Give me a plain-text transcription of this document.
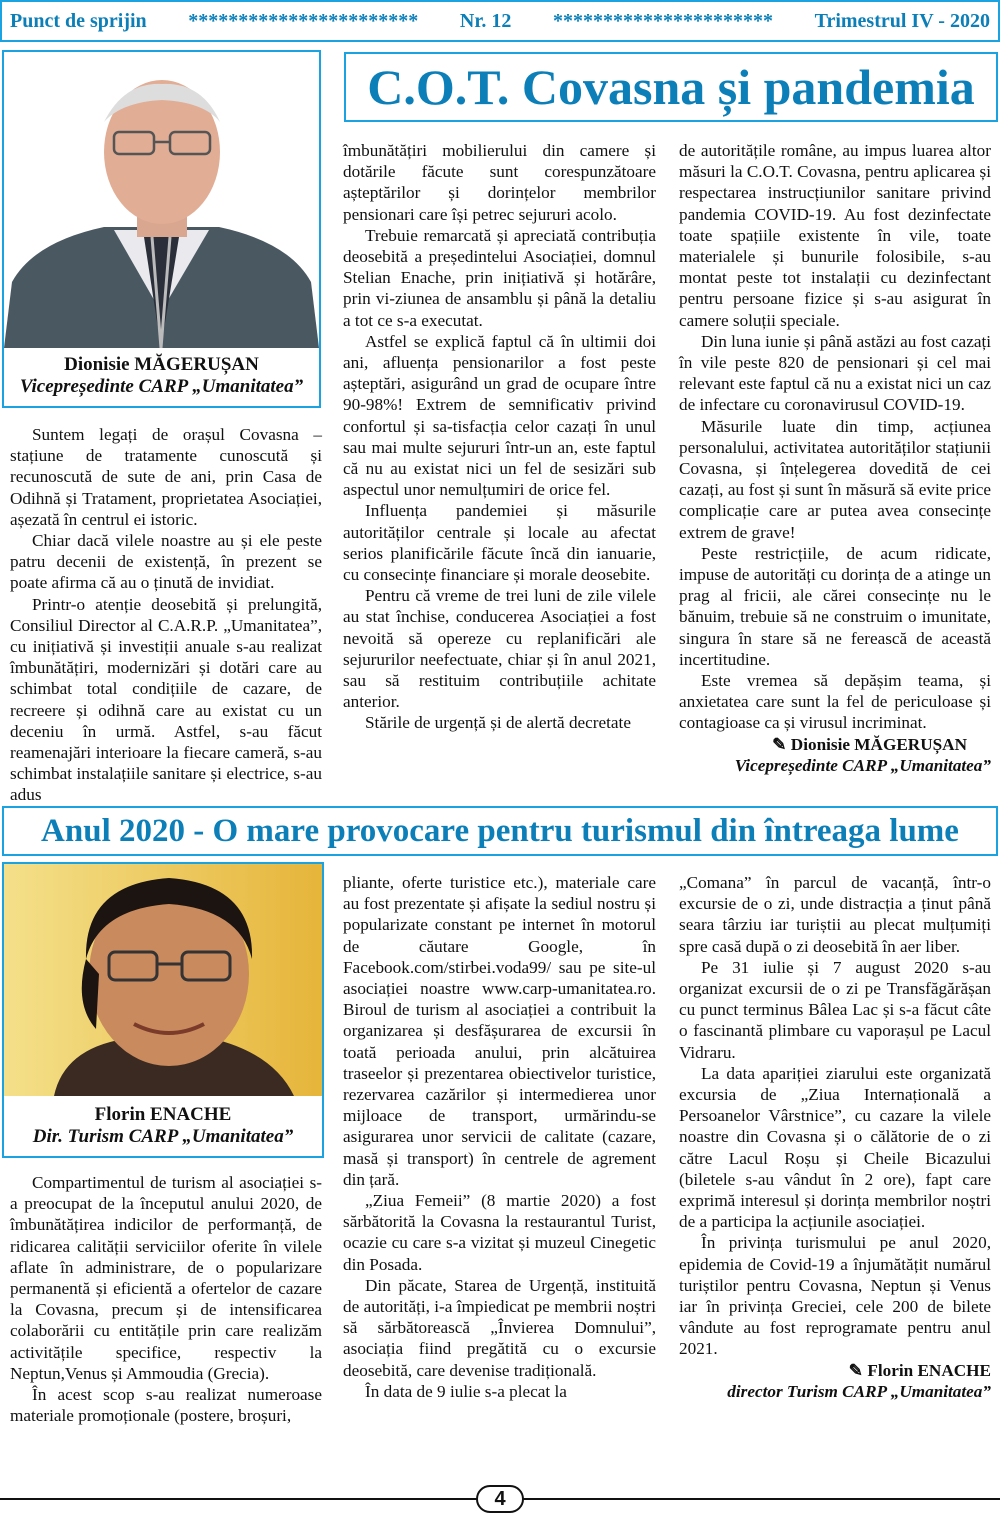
Punct de sprijin *********************** Nr. 12 ********************** Trimestrul IV - 2020
Dionisie MĂGERUȘAN
Vicepreședinte CARP „Umanitatea”
C.O.T. Covasna și pandemia

Suntem legați de orașul Covasna – stațiune de tratamente cunoscută și recunoscută de sute de ani, prin Casa de Odihnă și Tratament, proprietatea Asociației, așezată în centrul ei istoric.

Chiar dacă vilele noastre au și ele peste patru decenii de existență, în prezent se poate afirma că au o ținută de invidiat.

Printr-o atenție deosebită și prelungită, Consiliul Director al C.A.R.P. „Umanitatea”, cu inițiativă și investiții anuale s-au realizat îmbunătățiri, modernizări și dotări care au schimbat total condițiile de cazare, de recreere și odihnă care au existat cu un deceniu în urmă. Astfel, s-au făcut reamenajări interioare la fiecare cameră, s-au schimbat instalațiile sanitare și electrice, s-au adus

îmbunătățiri mobilierului din camere și dotările făcute sunt corespunzătoare așteptărilor și dorințelor membrilor pensionari care își petrec sejururi acolo.

Trebuie remarcată și apreciată contribuția deosebită a președintelui Asociației, domnul Stelian Enache, prin inițiativă și hotărâre, prin vi-ziunea de ansamblu și până la detaliu a tot ce s-a executat.

Astfel se explică faptul că în ultimii doi ani, afluența pensionarilor a fost peste așteptări, asigurând un grad de ocupare între 90-98%! Extrem de semnificativ privind confortul și sa-tisfacția celor cazați în unul sau mai multe sejururi într-un an, este faptul că nu au existat nici un fel de sesizări sub aspectul unor nemulțumiri de orice fel.

Influența pandemiei și măsurile autorităților centrale și locale au afectat serios planificările făcute încă din ianuarie, cu consecințe financiare și morale deosebite.

Pentru că vreme de trei luni de zile vilele au stat închise, conducerea Asociației a fost nevoită să opereze cu replanificări ale sejururilor neefectuate, chiar și în anul 2021, sau să restituim contribuțiile achitate anterior.

Stările de urgență și de alertă decretate

de autoritățile române, au impus luarea altor măsuri la C.O.T. Covasna, pentru aplicarea și respectarea instrucțiunilor sanitare privind pandemia COVID-19. Au fost dezinfectate toate spațiile existente în vile, toate materialele și bunurile folosibile, s-au montat peste tot instalații cu dezinfectant pentru persoane fizice și s-au asigurat în camere soluții speciale.

Din luna iunie și până astăzi au fost cazați în vile peste 820 de pensionari și cel mai relevant este faptul că nu a existat nici un caz de infectare cu coronavirusul COVID-19.

Măsurile luate din timp, acțiunea personalului, activitatea autorităților stațiunii Covasna, și înțelegerea dovedită de cei cazați, au fost și sunt în măsură să evite price complicație care ar putea avea consecințe extrem de grave!

Peste restricțiile, de acum ridicate, impuse de autorități cu dorința de a atinge un prag al fricii, ale cărei consecințe nu le bănuim, trebuie să ne construim o imunitate, singura în stare să ne ferească de această incertitudine.

Este vremea să depășim teama, și anxietatea care sunt la fel de periculoase și contagioase ca și virusul incriminat.

✎ Dionisie MĂGERUȘAN
Vicepreședinte CARP „Umanitatea”
Anul 2020 - O mare provocare pentru turismul din întreaga lume
Florin ENACHE
Dir. Turism CARP „Umanitatea”

Compartimentul de turism al asociației s-a preocupat de la începutul anului 2020, de îmbunătățirea indicilor de performanță, de ridicarea calității serviciilor oferite în vilele aflate în administrare, de o popularizare permanentă și eficientă a ofertelor de cazare la Covasna, precum și de intensificarea colaborării cu entitățile prin care realizăm activitățile specifice, respectiv la Neptun,Venus și Ammoudia (Grecia).

În acest scop s-au realizat numeroase materiale promoționale (postere, broșuri,

pliante, oferte turistice etc.), materiale care au fost prezentate și afișate la sediul nostru și popularizate constant pe internet în motorul de căutare Google, în Facebook.com/stirbei.voda99/ sau pe site-ul asociației noastre www.carp-umanitatea.ro. Biroul de turism al asociației a contribuit la organizarea și desfășurarea de excursii în toată perioada anului, prin alcătuirea traseelor și prezentarea obiectivelor turistice, rezervarea cazărilor și intermedierea unor mijloace de transport, urmărindu-se asigurarea unor servicii de calitate (cazare, masă și transport) în centrele de agrement din țară.

„Ziua Femeii” (8 martie 2020) a fost sărbătorită la Covasna la restaurantul Turist, ocazie cu care s-a vizitat și muzeul Cinegetic din Posada.

Din păcate, Starea de Urgență, instituită de autorități, i-a împiedicat pe membrii noștri să sărbătorească „Învierea Domnului”, asociația fiind pregătită cu o excursie deosebită, care devenise tradițională.

În data de 9 iulie s-a plecat la

„Comana” în parcul de vacanță, într-o excursie de o zi, unde distracția a ținut până seara târziu iar turiștii au plecat mulțumiți spre casă după o zi deosebită în aer liber.

Pe 31 iulie și 7 august 2020 s-au organizat excursii de o zi pe Transfăgărășan cu punct terminus Bâlea Lac și s-a făcut câte o fascinantă plimbare cu vaporașul pe Lacul Vidraru.

La data apariției ziarului este organizată excursia de „Ziua Internațională a Persoanelor Vârstnice”, cu cazare la vilele noastre din Covasna și o călătorie de o zi către Lacul Roșu și Cheile Bicazului (biletele s-au vândut în 2 ore), fapt care exprimă interesul și dorința membrilor noștri de a participa la acțiunile asociației.

În privința turismului pe anul 2020, epidemia de Covid-19 a înjumătățit numărul turiștilor pentru Covasna, Neptun și Venus iar în privința Greciei, cele 200 de bilete vândute au fost reprogramate pentru anul 2021.

✎ Florin ENACHE
director Turism CARP „Umanitatea”
4
